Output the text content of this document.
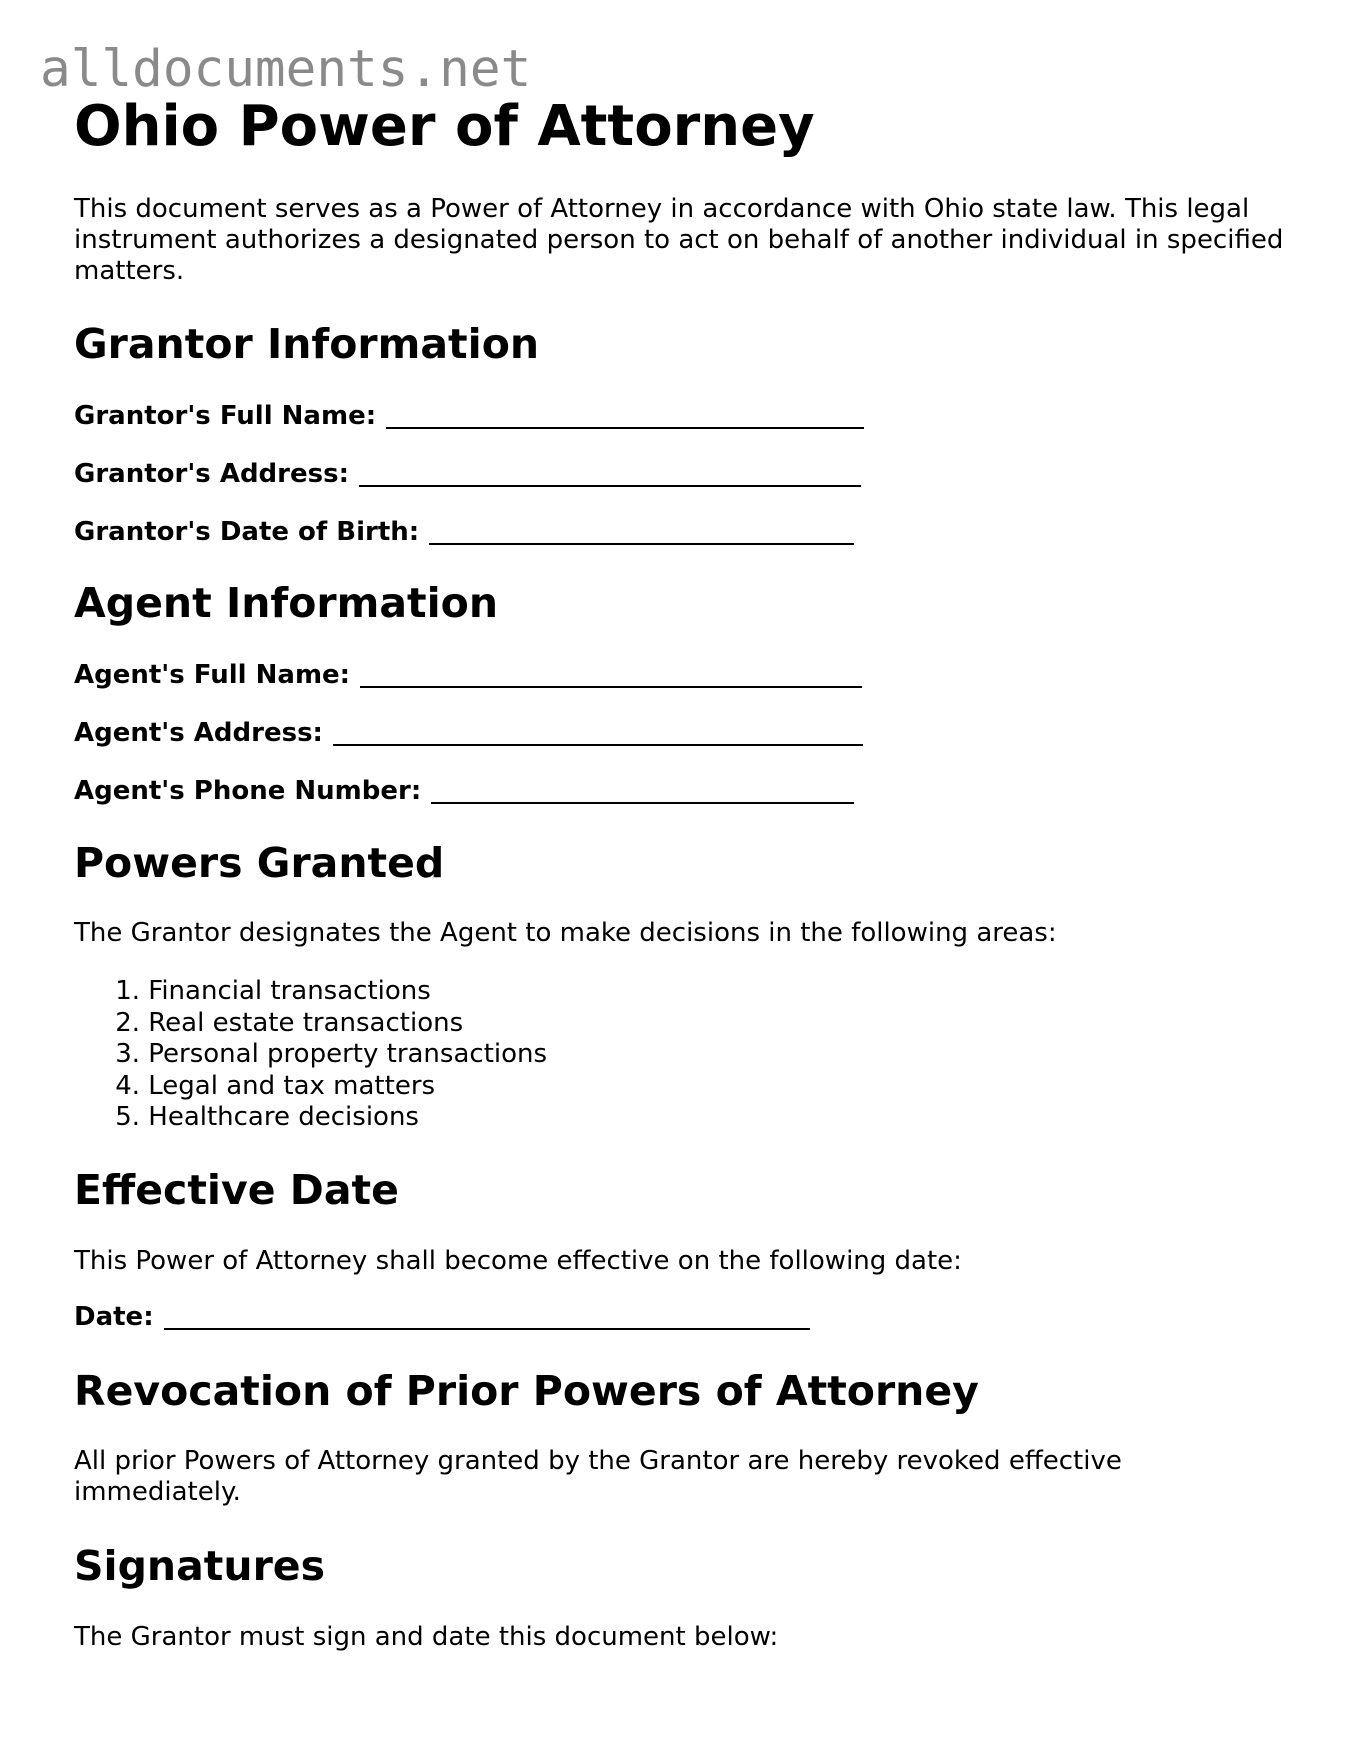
alldocuments.net
Ohio Power of Attorney

This document serves as a Power of Attorney in accordance with Ohio state law. This legal instrument authorizes a designated person to act on behalf of another individual in specified matters.

Grantor Information
Grantor's Full Name:
Grantor's Address:
Grantor's Date of Birth:
Agent Information
Agent's Full Name:
Agent's Address:
Agent's Phone Number:
Powers Granted

The Grantor designates the Agent to make decisions in the following areas:

1.
Financial transactions
2.
Real estate transactions
3.
Personal property transactions
4.
Legal and tax matters
5.
Healthcare decisions
Effective Date

This Power of Attorney shall become effective on the following date:

Date:
Revocation of Prior Powers of Attorney

All prior Powers of Attorney granted by the Grantor are hereby revoked effective immediately.

Signatures

The Grantor must sign and date this document below:
